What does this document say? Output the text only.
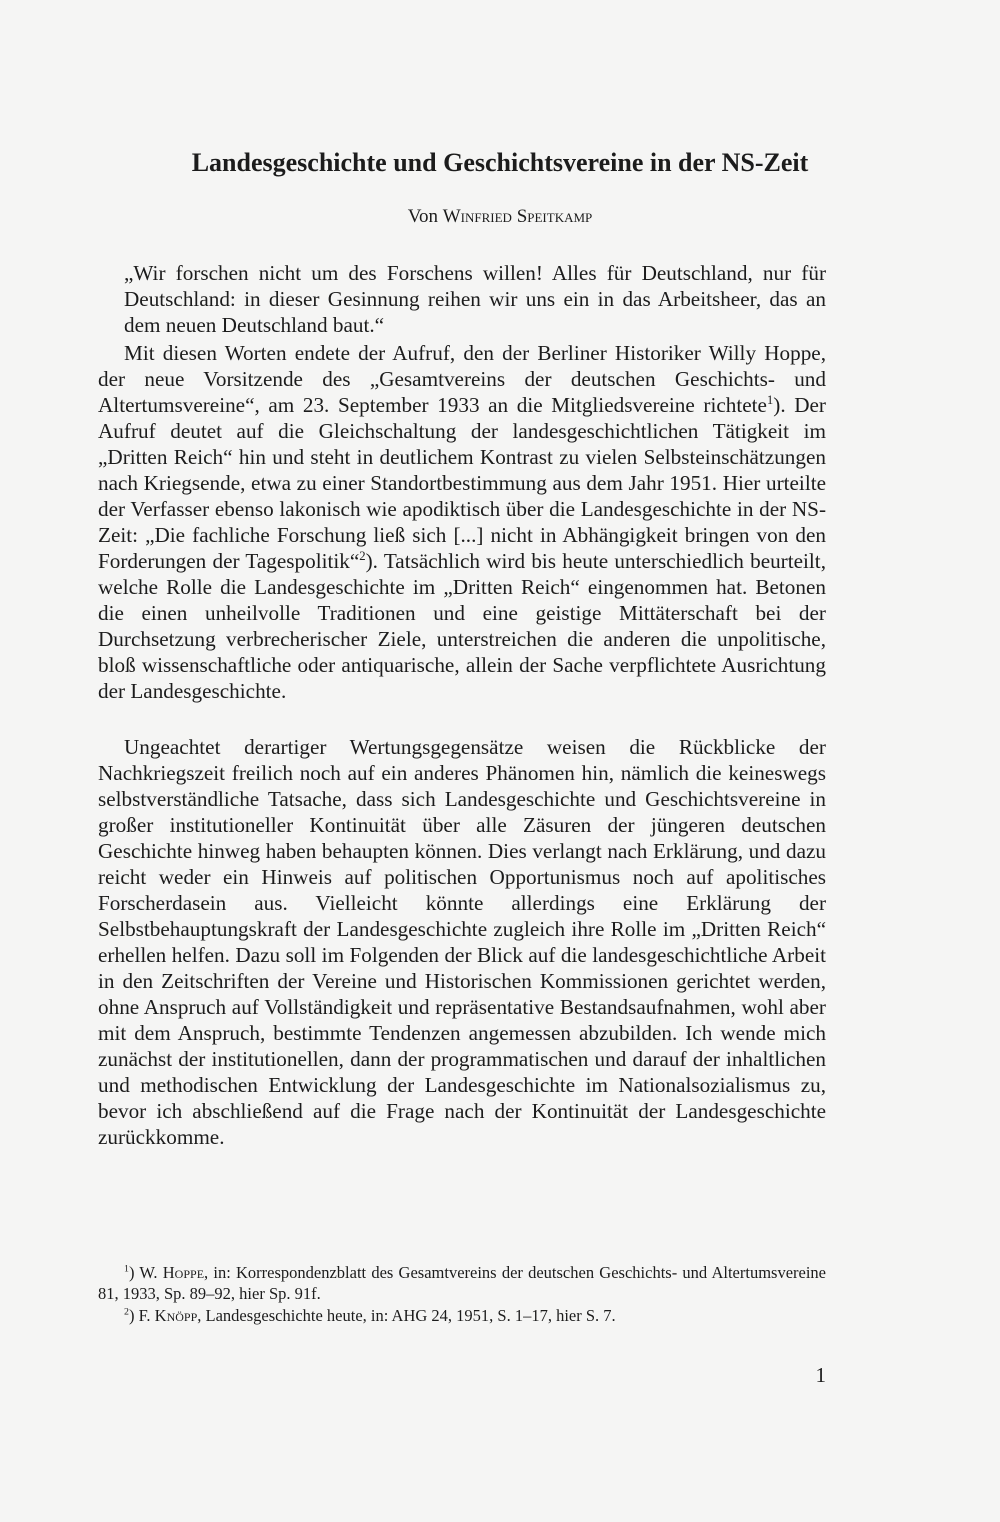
Landesgeschichte und Geschichtsvereine in der NS-Zeit
Von Winfried Speitkamp

„Wir forschen nicht um des Forschens willen! Alles für Deutschland, nur für Deutschland: in dieser Gesinnung reihen wir uns ein in das Arbeitsheer, das an dem neuen Deutschland baut.“

Mit diesen Worten endete der Aufruf, den der Berliner Historiker Willy Hoppe, der neue Vorsitzende des „Gesamtvereins der deutschen Geschichts- und Altertumsvereine“, am 23. September 1933 an die Mitgliedsvereine richtete$^1$). Der Aufruf deutet auf die Gleichschaltung der landesgeschichtlichen Tätigkeit im „Dritten Reich“ hin und steht in deutlichem Kontrast zu vielen Selbsteinschätzungen nach Kriegsende, etwa zu einer Standortbestimmung aus dem Jahr 1951. Hier urteilte der Verfasser ebenso lakonisch wie apodiktisch über die Landesgeschichte in der NS-Zeit: „Die fachliche Forschung ließ sich [...] nicht in Abhängigkeit bringen von den Forderungen der Tagespolitik“$^2$). Tatsächlich wird bis heute unterschiedlich beurteilt, welche Rolle die Landesgeschichte im „Dritten Reich“ eingenommen hat. Betonen die einen unheilvolle Traditionen und eine geistige Mittäterschaft bei der Durchsetzung verbrecherischer Ziele, unterstreichen die anderen die unpolitische, bloß wissenschaftliche oder antiquarische, allein der Sache verpflichtete Ausrichtung der Landesgeschichte.

Ungeachtet derartiger Wertungsgegensätze weisen die Rückblicke der Nachkriegszeit freilich noch auf ein anderes Phänomen hin, nämlich die keineswegs selbstverständliche Tatsache, dass sich Landesgeschichte und Geschichtsvereine in großer institutioneller Kontinuität über alle Zäsuren der jüngeren deutschen Geschichte hinweg haben behaupten können. Dies verlangt nach Erklärung, und dazu reicht weder ein Hinweis auf politischen Opportunismus noch auf apolitisches Forscherdasein aus. Vielleicht könnte allerdings eine Erklärung der Selbstbehauptungskraft der Landesgeschichte zugleich ihre Rolle im „Dritten Reich“ erhellen helfen. Dazu soll im Folgenden der Blick auf die landesgeschichtliche Arbeit in den Zeitschriften der Vereine und Historischen Kommissionen gerichtet werden, ohne Anspruch auf Vollständigkeit und repräsentative Bestandsaufnahmen, wohl aber mit dem Anspruch, bestimmte Tendenzen angemessen abzubilden. Ich wende mich zunächst der institutionellen, dann der programmatischen und darauf der inhaltlichen und methodischen Entwicklung der Landesgeschichte im Nationalsozialismus zu, bevor ich abschließend auf die Frage nach der Kontinuität der Landesgeschichte zurückkomme.

$^1$) W. Hoppe, in: Korrespondenzblatt des Gesamtvereins der deutschen Geschichts- und Altertumsvereine 81, 1933, Sp. 89–92, hier Sp. 91f.

$^2$) F. Knöpp, Landesgeschichte heute, in: AHG 24, 1951, S. 1–17, hier S. 7.

1
